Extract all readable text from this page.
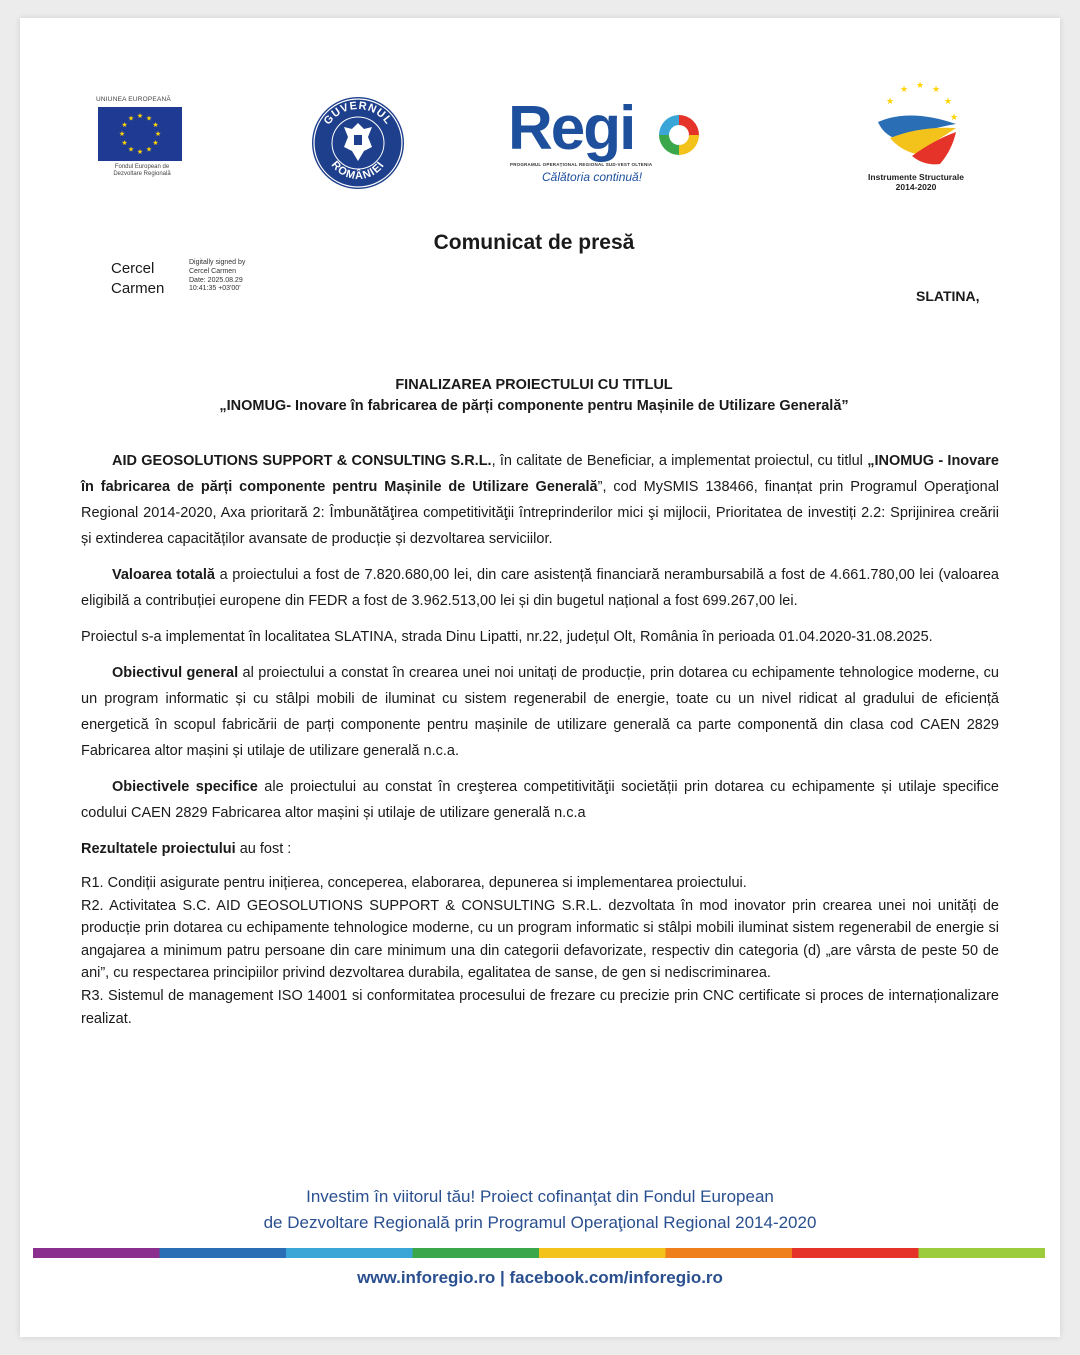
UNIUNEA EUROPEANĂ
★ ★
★
★
★
★
★
★
★
★
★
★
Fondul European de
Dezvoltare Regională
GUVERNUL
ROMÂNIEI
Regi
PROGRAMUL OPERAȚIONAL REGIONAL SUD-VEST OLTENIA
Călătoria continuă!
★
★ ★ ★
★
★
Instrumente Structurale
2014-2020
Comunicat de presă
Cercel
Carmen
Digitally signed by
Cercel Carmen
Date: 2025.08.29
10:41:35 +03'00'	SLATINA,
FINALIZAREA PROIECTULUI CU TITLUL
„INOMUG- Inovare în fabricarea de părți componente pentru Mașinile de Utilizare Generală”

AID GEOSOLUTIONS SUPPORT & CONSULTING S.R.L., în calitate de Beneficiar, a implementat proiectul, cu titlul „INOMUG - Inovare în fabricarea de părți componente pentru Mașinile de Utilizare Generală”, cod MySMIS 138466, finanțat prin Programul Operaţional Regional 2014-2020, Axa prioritară 2: Îmbunătăţirea competitivităţii întreprinderilor mici şi mijlocii, Prioritatea de investiți 2.2: Sprijinirea creării și extinderea capacităților avansate de producție și dezvoltarea serviciilor.

Valoarea totală a proiectului a fost de 7.820.680,00 lei, din care asistență financiară nerambursabilă a fost de 4.661.780,00 lei (valoarea eligibilă a contribuției europene din FEDR a fost de 3.962.513,00 lei și din bugetul național a fost 699.267,00 lei.

Proiectul s-a implementat în localitatea SLATINA, strada Dinu Lipatti, nr.22, județul Olt, România în perioada 01.04.2020-31.08.2025.

Obiectivul general al proiectului a constat în crearea unei noi unitați de producție, prin dotarea cu echipamente tehnologice moderne, cu un program informatic și cu stâlpi mobili de iluminat cu sistem regenerabil de energie, toate cu un nivel ridicat al gradului de eficiență energetică în scopul fabricării de parți componente pentru mașinile de utilizare generală ca parte componentă din clasa cod CAEN 2829 Fabricarea altor mașini și utilaje de utilizare generală n.c.a.

Obiectivele specifice ale proiectului au constat în creşterea competitivităţii societății prin dotarea cu echipamente și utilaje specifice codului CAEN 2829 Fabricarea altor mașini și utilaje de utilizare generală n.c.a

Rezultatele proiectului au fost :

R1. Condiții asigurate pentru inițierea, conceperea, elaborarea, depunerea si implementarea proiectului.

R2. Activitatea S.C. AID GEOSOLUTIONS SUPPORT & CONSULTING S.R.L. dezvoltata în mod inovator prin crearea unei noi unități de producție prin dotarea cu echipamente tehnologice moderne, cu un program informatic si stâlpi mobili iluminat sistem regenerabil de energie si angajarea a minimum patru persoane din care minimum una din categorii defavorizate, respectiv din categoria (d) „are vârsta de peste 50 de ani”, cu respectarea principiilor privind dezvoltarea durabila, egalitatea de sanse, de gen si nediscriminarea.

R3. Sistemul de management ISO 14001 si conformitatea procesului de frezare cu precizie prin CNC certificate si proces de internaționalizare realizat.

Investim în viitorul tău! Proiect cofinanţat din Fondul European
de Dezvoltare Regională prin Programul Operaţional Regional 2014-2020
www.inforegio.ro | facebook.com/inforegio.ro
